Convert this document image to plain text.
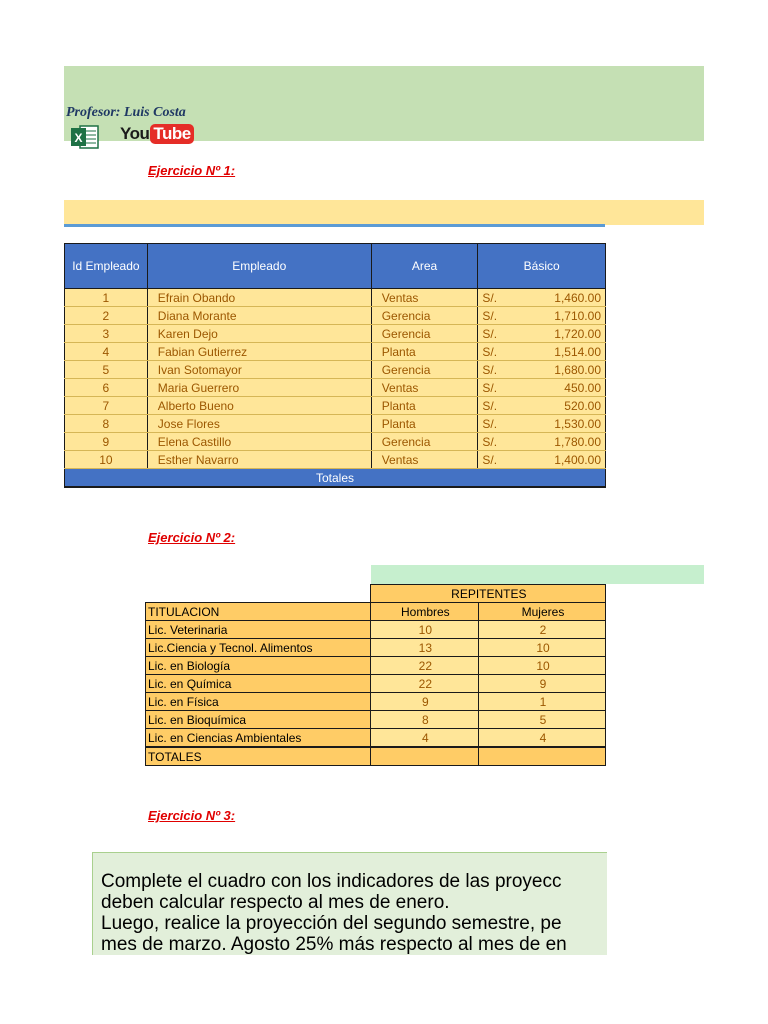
Profesor: Luis Costa
X You Tube
Ejercicio Nº 1:
Id Empleado	Empleado	Area	Básico
1	Efrain Obando	Ventas	S/. 1,460.00

2	Diana Morante	Gerencia	S/. 1,710.00

3	Karen Dejo	Gerencia	S/. 1,720.00

4	Fabian Gutierrez	Planta	S/. 1,514.00

5	Ivan Sotomayor	Gerencia	S/. 1,680.00

6	Maria Guerrero	Ventas	S/. 450.00

7	Alberto Bueno	Planta	S/. 520.00

8	Jose Flores	Planta	S/. 1,530.00

9	Elena Castillo	Gerencia	S/. 1,780.00

10	Esther Navarro	Ventas	S/. 1,400.00

Totales			
Ejercicio Nº 2:
	REPITENTES	
TITULACION	Hombres	Mujeres
Lic. Veterinaria	10	2
Lic.Ciencia y Tecnol. Alimentos	13	10
Lic. en Biología	22	10
Lic. en Química	22	9
Lic. en Física	9	1
Lic. en Bioquímica	8	5
Lic. en Ciencias Ambientales	4	4
TOTALES		
Ejercicio Nº 3:
Complete el cuadro con los indicadores de las proyecc
deben calcular respecto al mes de enero.
Luego, realice la proyección del segundo semestre, pe
mes de marzo. Agosto 25% más respecto al mes de en
